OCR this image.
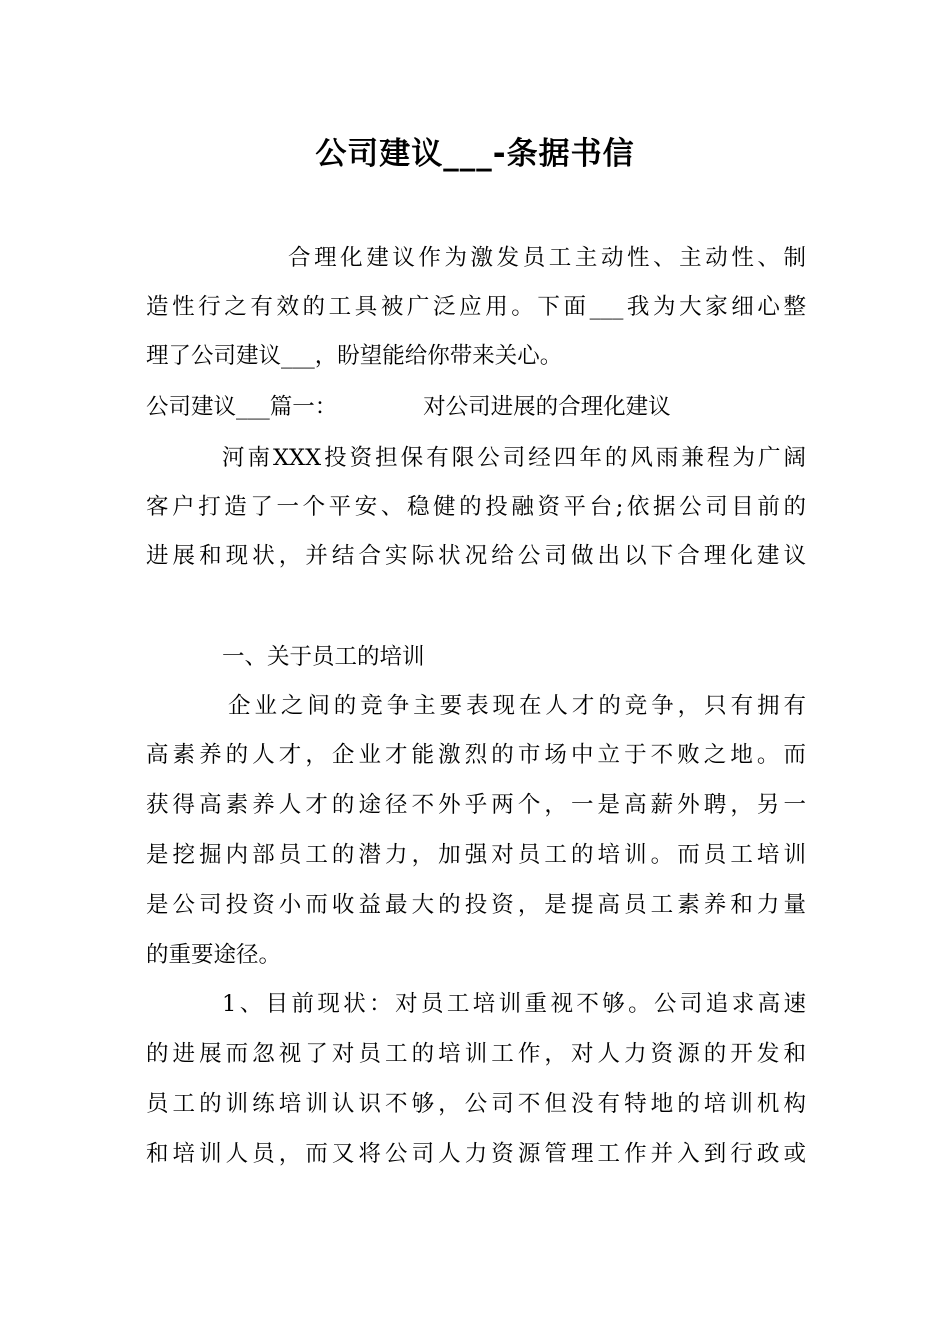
公司建议___-条据书信
合理化建议作为激发员工主动性、主动性、制
造性行之有效的工具被广泛应用。下面___我为大家细心整
理了公司建议___，盼望能给你带来关心。
公司建议___篇一：            对公司进展的合理化建议
河南XXX投资担保有限公司经四年的风雨兼程为广阔
客户打造了一个平安、稳健的投融资平台;依据公司目前的
进展和现状，并结合实际状况给公司做出以下合理化建议
一、关于员工的培训
企业之间的竞争主要表现在人才的竞争，只有拥有
高素养的人才，企业才能激烈的市场中立于不败之地。而
获得高素养人才的途径不外乎两个，一是高薪外聘，另一
是挖掘内部员工的潜力，加强对员工的培训。而员工培训
是公司投资小而收益最大的投资，是提高员工素养和力量
的重要途径。
1、目前现状：对员工培训重视不够。公司追求高速
的进展而忽视了对员工的培训工作，对人力资源的开发和
员工的训练培训认识不够，公司不但没有特地的培训机构
和培训人员，而又将公司人力资源管理工作并入到行政或
